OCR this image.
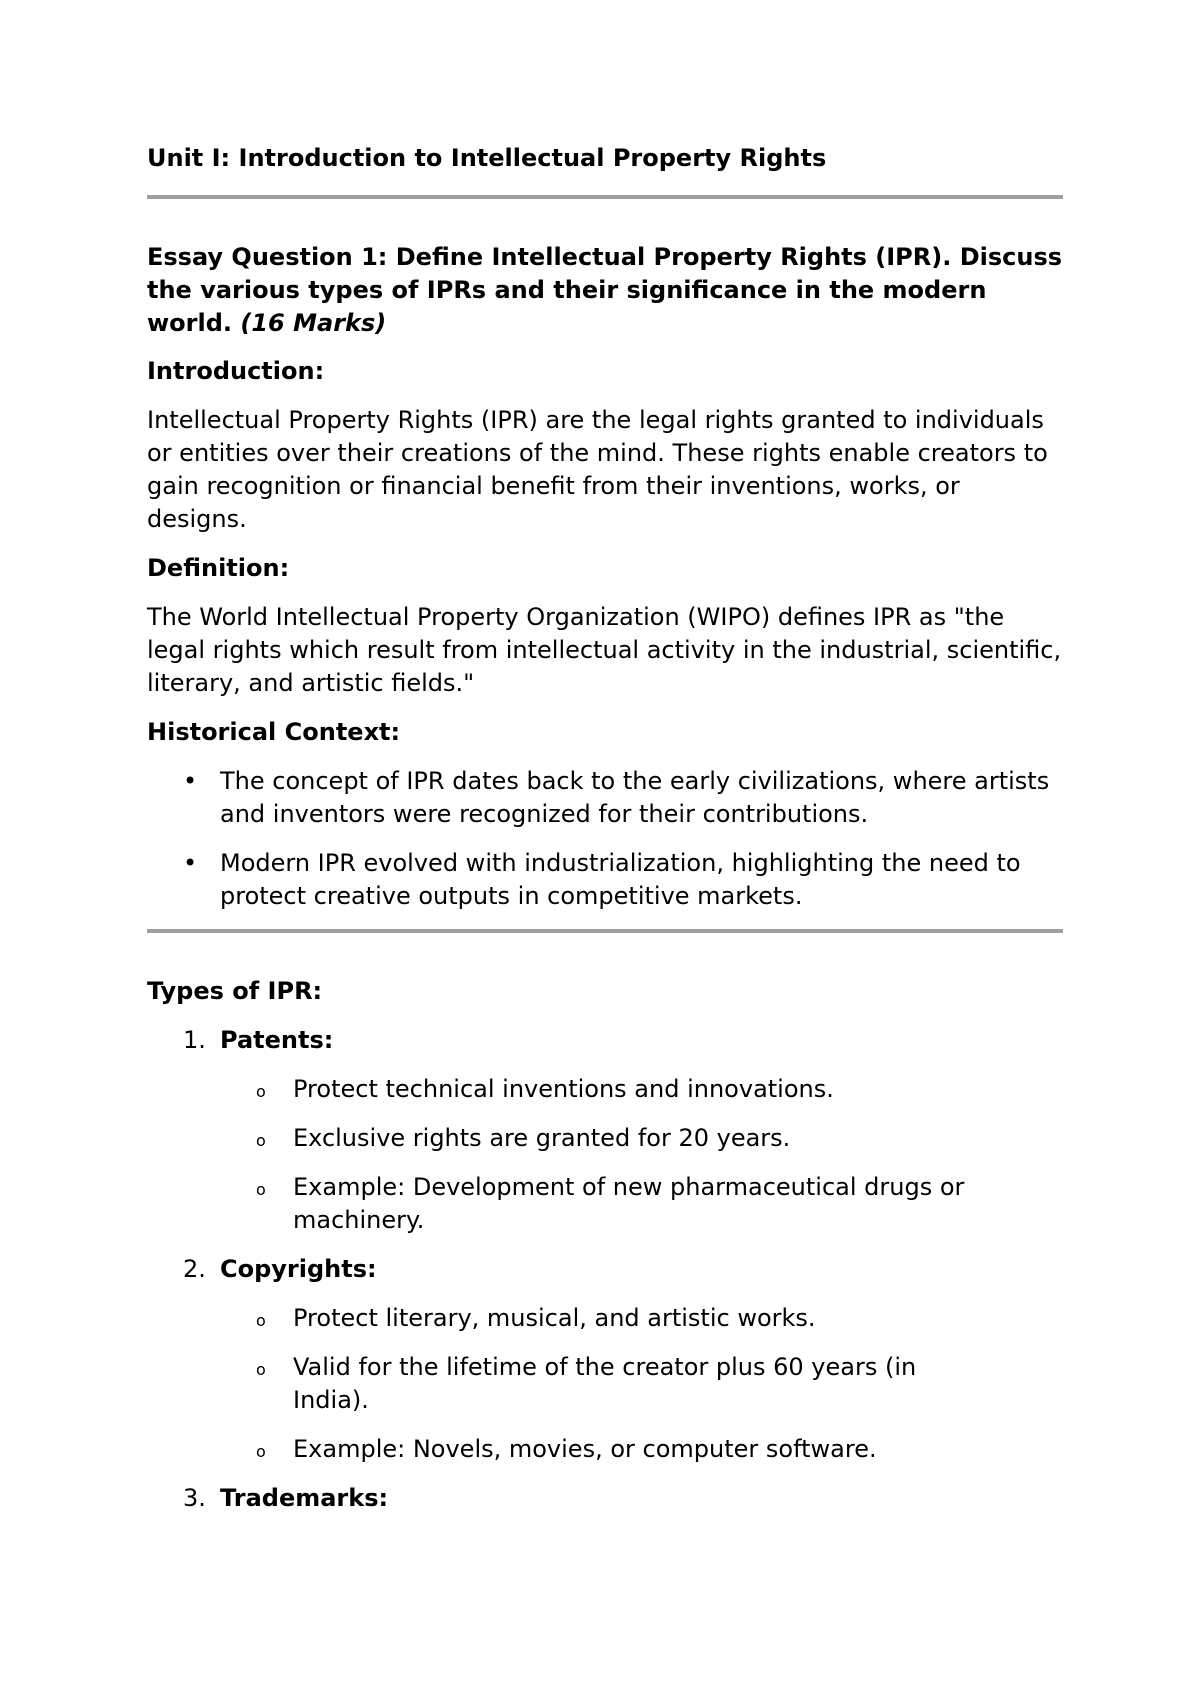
Unit I: Introduction to Intellectual Property Rights

Essay Question 1: Define Intellectual Property Rights (IPR). Discuss the various types of IPRs and their significance in the modern world. (16 Marks)

Introduction:

Intellectual Property Rights (IPR) are the legal rights granted to individuals or entities over their creations of the mind. These rights enable creators to gain recognition or financial benefit from their inventions, works, or designs.

Definition:

The World Intellectual Property Organization (WIPO) defines IPR as "the legal rights which result from intellectual activity in the industrial, scientific, literary, and artistic fields."

Historical Context:
• The concept of IPR dates back to the early civilizations, where artists and inventors were recognized for their contributions.
• Modern IPR evolved with industrialization, highlighting the need to protect creative outputs in competitive markets.
Types of IPR:
1. Patents:
o Protect technical inventions and innovations.
o Exclusive rights are granted for 20 years.
o Example: Development of new pharmaceutical drugs or machinery.
2. Copyrights:
o Protect literary, musical, and artistic works.
o Valid for the lifetime of the creator plus 60 years (in India).
o Example: Novels, movies, or computer software.
3. Trademarks:
